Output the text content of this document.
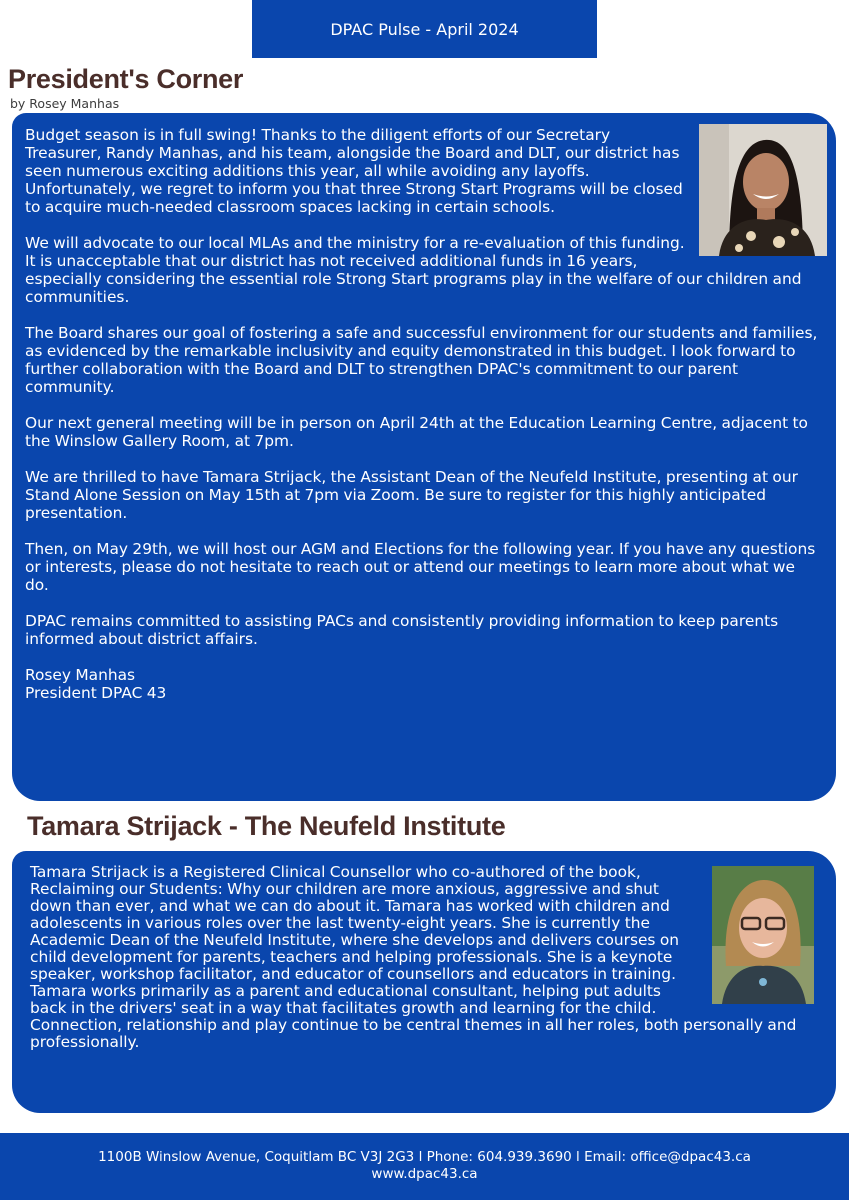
DPAC Pulse - April 2024
President's Corner
by Rosey Manhas

Budget season is in full swing! Thanks to the diligent efforts of our Secretary Treasurer, Randy Manhas, and his team, alongside the Board and DLT, our district has seen numerous exciting additions this year, all while avoiding any layoffs. Unfortunately, we regret to inform you that three Strong Start Programs will be closed to acquire much-needed classroom spaces lacking in certain schools.

We will advocate to our local MLAs and the ministry for a re-evaluation of this funding. It is unacceptable that our district has not received additional funds in 16 years, especially considering the essential role Strong Start programs play in the welfare of our children and communities.

The Board shares our goal of fostering a safe and successful environment for our students and families, as evidenced by the remarkable inclusivity and equity demonstrated in this budget. I look forward to further collaboration with the Board and DLT to strengthen DPAC's commitment to our parent community.

Our next general meeting will be in person on April 24th at the Education Learning Centre, adjacent to the Winslow Gallery Room, at 7pm.

We are thrilled to have Tamara Strijack, the Assistant Dean of the Neufeld Institute, presenting at our Stand Alone Session on May 15th at 7pm via Zoom. Be sure to register for this highly anticipated presentation.

Then, on May 29th, we will host our AGM and Elections for the following year. If you have any questions or interests, please do not hesitate to reach out or attend our meetings to learn more about what we do.

DPAC remains committed to assisting PACs and consistently providing information to keep parents informed about district affairs.

Rosey Manhas
President DPAC 43

Tamara Strijack - The Neufeld Institute

Tamara Strijack is a Registered Clinical Counsellor who co-authored of the book, Reclaiming our Students: Why our children are more anxious, aggressive and shut down than ever, and what we can do about it. Tamara has worked with children and adolescents in various roles over the last twenty-eight years. She is currently the Academic Dean of the Neufeld Institute, where she develops and delivers courses on child development for parents, teachers and helping professionals. She is a keynote speaker, workshop facilitator, and educator of counsellors and educators in training. Tamara works primarily as a parent and educational consultant, helping put adults back in the drivers' seat in a way that facilitates growth and learning for the child. Connection, relationship and play continue to be central themes in all her roles, both personally and professionally.

1100B Winslow Avenue, Coquitlam BC V3J 2G3 l Phone: 604.939.3690 l Email: office@dpac43.ca
www.dpac43.ca
